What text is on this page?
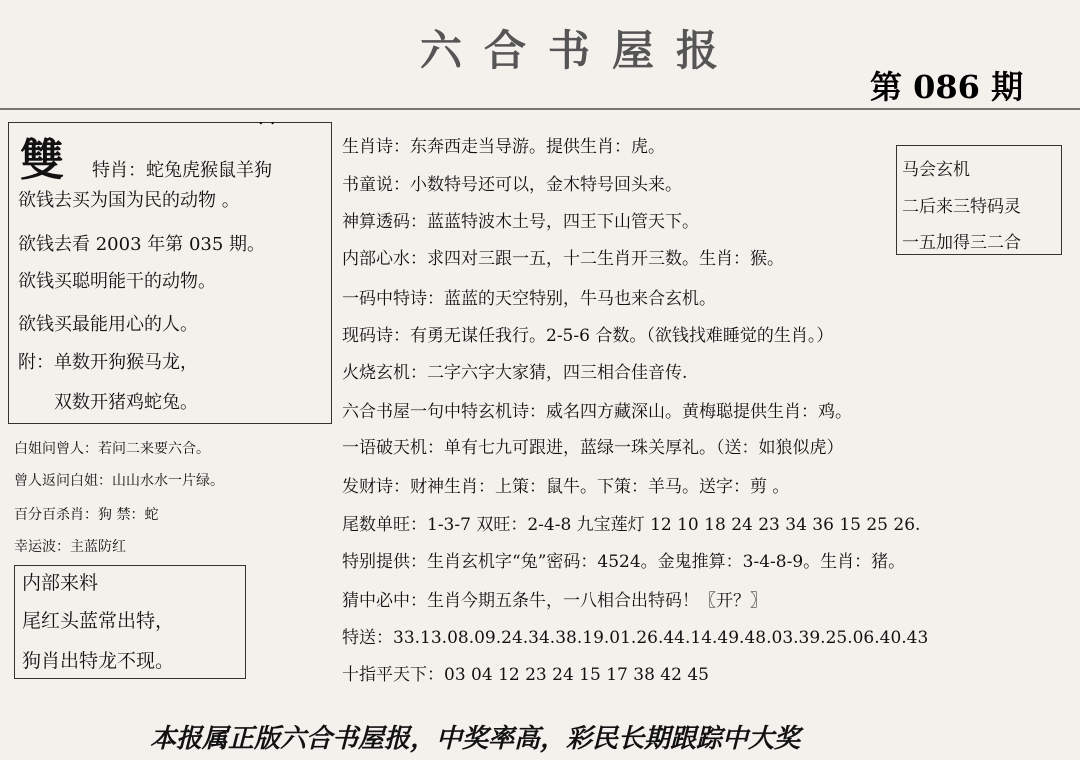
六合书屋报
第 086 期
..
雙 特肖：蛇兔虎猴鼠羊狗
欲钱去买为国为民的动物 。
欲钱去看 2003 年第 035 期。
欲钱买聪明能干的动物。
欲钱买最能用心的人。
附：单数开狗猴马龙，
　　双数开猪鸡蛇兔。
白姐问曾人：若问二来要六合。
曾人返问白姐：山山水水一片绿。
百分百杀肖：狗 禁：蛇
幸运波：主蓝防红
内部来料
尾红头蓝常出特，
狗肖出特龙不现。
马会玄机
二后来三特码灵
一五加得三二合
生肖诗：东奔西走当导游。提供生肖：虎。
书童说：小数特号还可以，金木特号回头来。
神算透码：蓝蓝特波木土号，四王下山管天下。
内部心水：求四对三跟一五，十二生肖开三数。生肖：猴。
一码中特诗：蓝蓝的天空特别，牛马也来合玄机。
现码诗：有勇无谋任我行。2-5-6 合数。（欲钱找难睡觉的生肖。）
火烧玄机：二字六字大家猜，四三相合佳音传.
六合书屋一句中特玄机诗：威名四方藏深山。黄梅聪提供生肖：鸡。
一语破天机：单有七九可跟进，蓝绿一珠关厚礼。（送：如狼似虎）
发财诗：财神生肖：上策：鼠牛。下策：羊马。送字：剪 。
尾数单旺：1-3-7 双旺：2-4-8 九宝莲灯 12 10 18 24 23 34 36 15 25 26.
特别提供：生肖玄机字“兔”密码：4524。金鬼推算：3-4-8-9。生肖：猪。
猜中必中：生肖今期五条牛，一八相合出特码！〖开？〗
特送：33.13.08.09.24.34.38.19.01.26.44.14.49.48.03.39.25.06.40.43
十指平天下：03 04 12 23 24 15 17 38 42 45
本报属正版六合书屋报，中奖率高，彩民长期跟踪中大奖
